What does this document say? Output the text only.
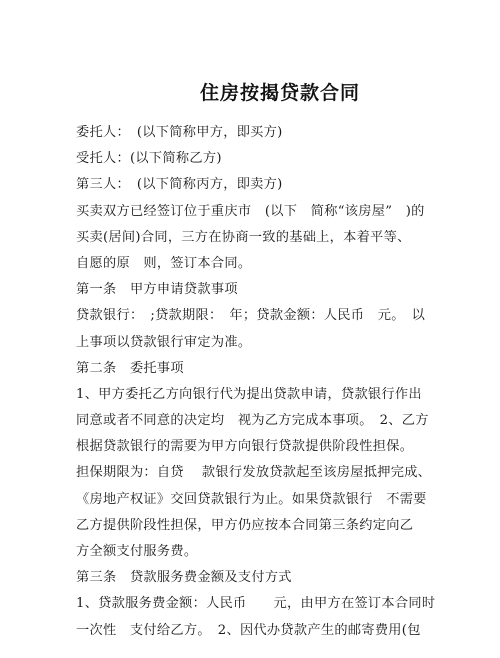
住房按揭贷款合同
委托人：　(以下简称甲方，即买方)
受托人：(以下简称乙方)
第三人：　(以下简称丙方，即卖方)
买卖双方已经签订位于重庆市　(以下　简称“该房屋”　)的
买卖(居间)合同，三方在协商一致的基础上，本着平等、
自愿的原　则，签订本合同。
第一条　甲方申请贷款事项
贷款银行：　;贷款期限：　年；贷款金额：人民币　元。　以
上事项以贷款银行审定为准。
第二条　委托事项
1、甲方委托乙方向银行代为提出贷款申请，贷款银行作出
同意或者不同意的决定均　视为乙方完成本事项。　2、乙方
根据贷款银行的需要为甲方向银行贷款提供阶段性担保。
担保期限为：自贷　 款银行发放贷款起至该房屋抵押完成、
《房地产权证》交回贷款银行为止。如果贷款银行　不需要
乙方提供阶段性担保，甲方仍应按本合同第三条约定向乙
方全额支付服务费。
第三条　贷款服务费金额及支付方式
1、贷款服务费金额：人民币　　元，由甲方在签订本合同时
一次性　支付给乙方。　2、因代办贷款产生的邮寄费用(包
